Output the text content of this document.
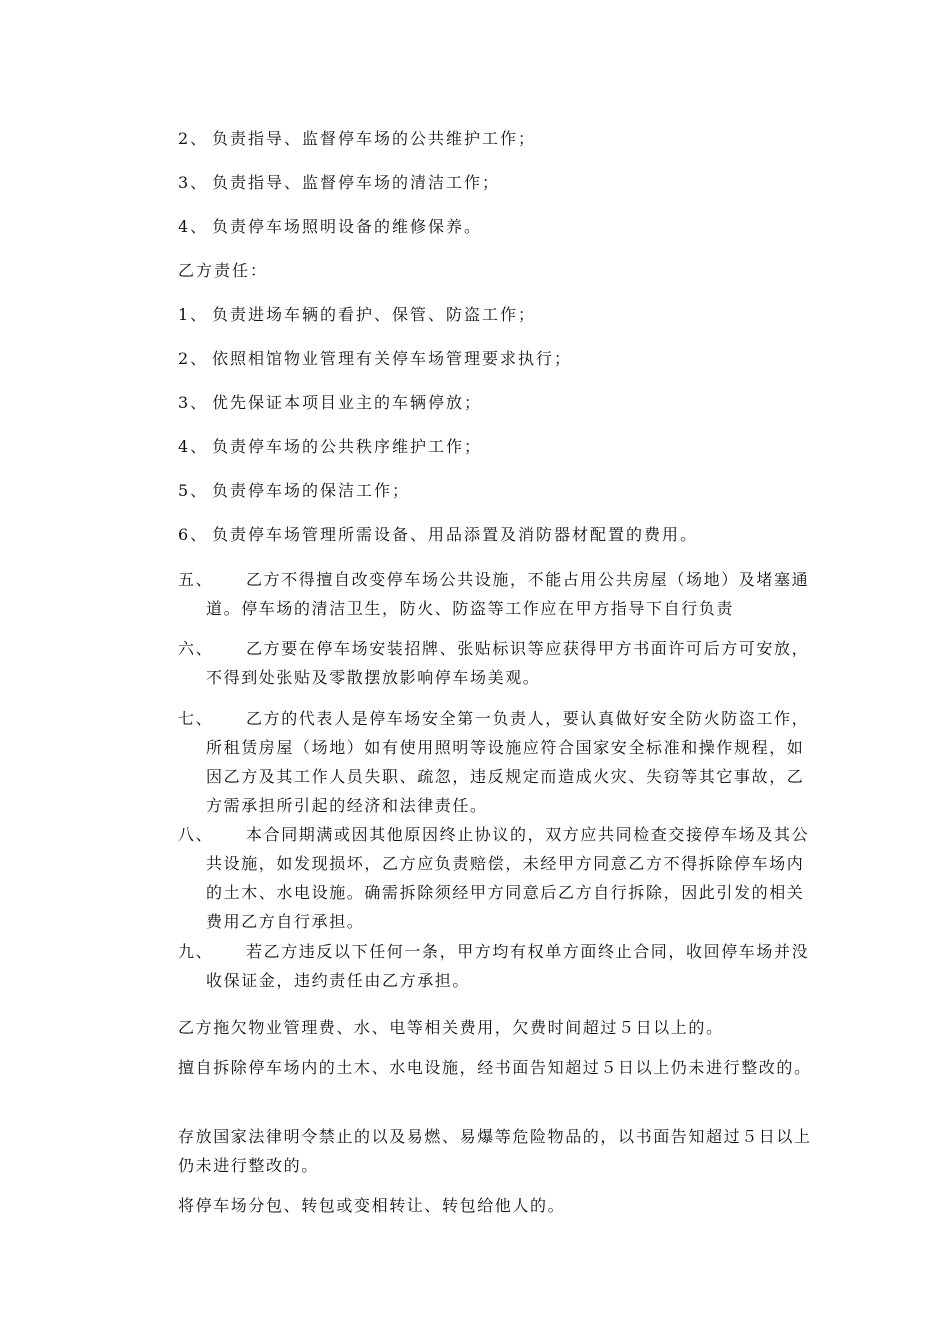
2、 负责指导、监督停车场的公共维护工作；
3、 负责指导、监督停车场的清洁工作；
4、 负责停车场照明设备的维修保养。
乙方责任：
1、 负责进场车辆的看护、保管、防盗工作；
2、 依照相馆物业管理有关停车场管理要求执行；
3、 优先保证本项目业主的车辆停放；
4、 负责停车场的公共秩序维护工作；
5、 负责停车场的保洁工作；
6、 负责停车场管理所需设备、用品添置及消防器材配置的费用。
五、	乙方不得擅自改变停车场公共设施，不能占用公共房屋（场地）及堵塞通道。停车场的清洁卫生，防火、防盗等工作应在甲方指导下自行负责
六、	乙方要在停车场安装招牌、张贴标识等应获得甲方书面许可后方可安放，不得到处张贴及零散摆放影响停车场美观。
七、	乙方的代表人是停车场安全第一负责人，要认真做好安全防火防盗工作，所租赁房屋（场地）如有使用照明等设施应符合国家安全标准和操作规程，如因乙方及其工作人员失职、疏忽，违反规定而造成火灾、失窃等其它事故，乙方需承担所引起的经济和法律责任。
八、	本合同期满或因其他原因终止协议的，双方应共同检查交接停车场及其公共设施，如发现损坏，乙方应负责赔偿，未经甲方同意乙方不得拆除停车场内的土木、水电设施。确需拆除须经甲方同意后乙方自行拆除，因此引发的相关费用乙方自行承担。
九、	若乙方违反以下任何一条，甲方均有权单方面终止合同，收回停车场并没收保证金，违约责任由乙方承担。
乙方拖欠物业管理费、水、电等相关费用，欠费时间超过５日以上的。
擅自拆除停车场内的土木、水电设施，经书面告知超过５日以上仍未进行整改的。
存放国家法律明令禁止的以及易燃、易爆等危险物品的，以书面告知超过５日以上仍未进行整改的。
将停车场分包、转包或变相转让、转包给他人的。
